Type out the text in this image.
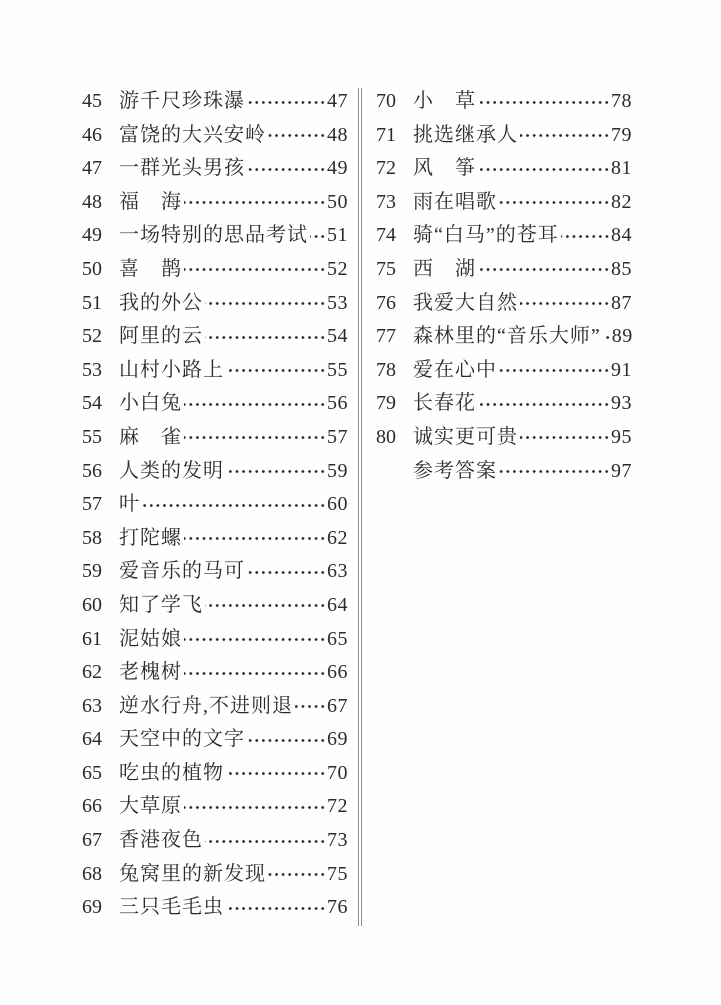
45 游千尺珍珠瀑	47
46 富饶的大兴安岭	48
47 一群光头男孩	49
48 福　海	50
49 一场特别的思品考试 51
50 喜　鹊	52
51 我的外公	53
52 阿里的云	54
53 山村小路上	55
54 小白兔	56
55 麻　雀	57
56 人类的发明	59
57 叶	60
58 打陀螺	62
59 爱音乐的马可	63
60 知了学飞	64
61 泥姑娘	65
62 老槐树	66
63 逆水行舟,不进则退 67
64 天空中的文字	69
65 吃虫的植物	70
66 大草原	72
67 香港夜色	73
68 兔窝里的新发现	75
69 三只毛毛虫	76
70 小　草	78
71 挑选继承人	79
72 风　筝	81
73 雨在唱歌	82
74 骑“白马”的苍耳	84
75 西　湖	85
76 我爱大自然	87
77 森林里的“音乐大师” 89
78 爱在心中	91
79 长春花	93
80 诚实更可贵	95
参考答案	97
